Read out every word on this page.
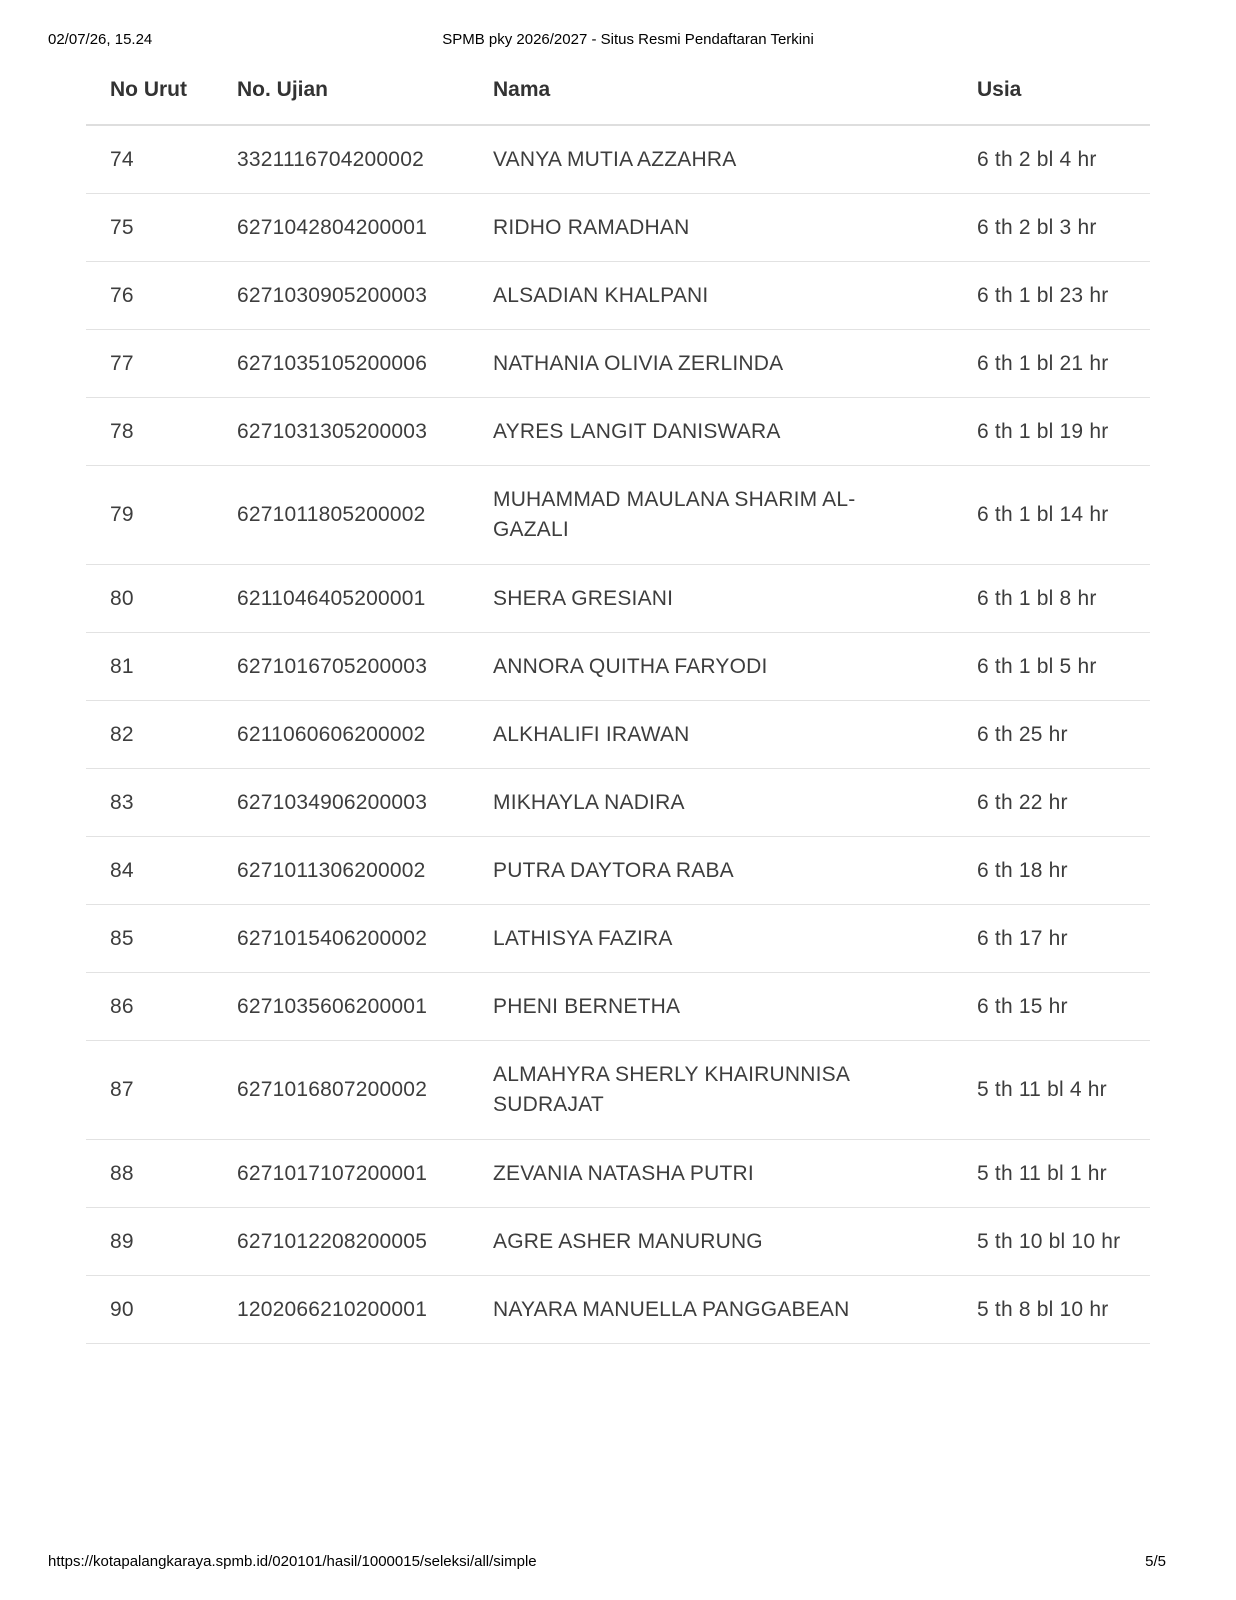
02/07/26, 15.24	SPMB pky 2026/2027 - Situs Resmi Pendaftaran Terkini
No Urut	No. Ujian	Nama	Usia
74	3321116704200002	VANYA MUTIA AZZAHRA	6 th 2 bl 4 hr
75	6271042804200001	RIDHO RAMADHAN	6 th 2 bl 3 hr
76	6271030905200003	ALSADIAN KHALPANI	6 th 1 bl 23 hr
77	6271035105200006	NATHANIA OLIVIA ZERLINDA	6 th 1 bl 21 hr
78	6271031305200003	AYRES LANGIT DANISWARA	6 th 1 bl 19 hr
79	6271011805200002	MUHAMMAD MAULANA SHARIM AL-GAZALI	6 th 1 bl 14 hr
80	6211046405200001	SHERA GRESIANI	6 th 1 bl 8 hr
81	6271016705200003	ANNORA QUITHA FARYODI	6 th 1 bl 5 hr
82	6211060606200002	ALKHALIFI IRAWAN	6 th 25 hr
83	6271034906200003	MIKHAYLA NADIRA	6 th 22 hr
84	6271011306200002	PUTRA DAYTORA RABA	6 th 18 hr
85	6271015406200002	LATHISYA FAZIRA	6 th 17 hr
86	6271035606200001	PHENI BERNETHA	6 th 15 hr
87	6271016807200002	ALMAHYRA SHERLY KHAIRUNNISA SUDRAJAT	5 th 11 bl 4 hr
88	6271017107200001	ZEVANIA NATASHA PUTRI	5 th 11 bl 1 hr
89	6271012208200005	AGRE ASHER MANURUNG	5 th 10 bl 10 hr
90	1202066210200001	NAYARA MANUELLA PANGGABEAN	5 th 8 bl 10 hr
https://kotapalangkaraya.spmb.id/020101/hasil/1000015/seleksi/all/simple	5/5
